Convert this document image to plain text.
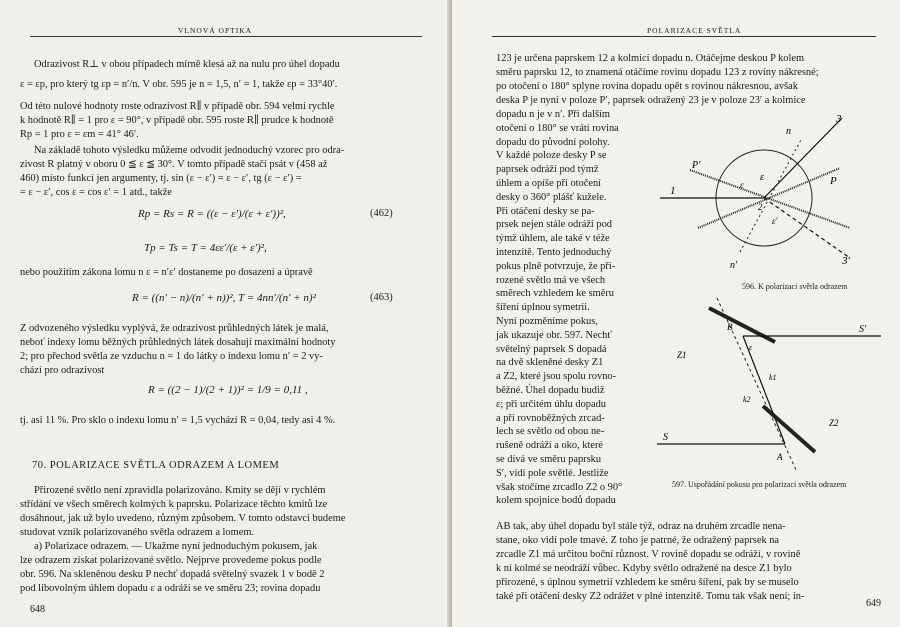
VLNOVÁ OPTIKA
Odrazivost R⊥ v obou případech mírně klesá až na nulu pro úhel dopadu
ε = εp, pro který tg εp = n′/n. V obr. 595 je n = 1,5, n′ = 1, takže εp = 33°40′.
Od této nulové hodnoty roste odrazivost R∥ v případě obr. 594 velmi rychle
k hodnotě R∥ = 1 pro ε = 90°, v případě obr. 595 roste R∥ prudce k hodnotě
Rp = 1 pro ε = εm = 41° 46′.
Na základě tohoto výsledku můžeme odvodit jednoduchý vzorec pro odra-
zivost R platný v oboru 0 ≦ ε ≦ 30°. V tomto případě stačí psát v (458 až
460) místo funkcí jen argumenty, tj. sin (ε − ε′) = ε − ε′, tg (ε − ε′) =
= ε − ε′, cos ε = cos ε′ = 1 atd., takže
Rp = Rs = R = ((ε − ε′)/(ε + ε′))²,	(462)
Tp = Ts = T = 4εε′/(ε + ε′)²,
nebo použitím zákona lomu n ε = n′ε′ dostaneme po dosazení a úpravě
R = ((n′ − n)/(n′ + n))², T = 4nn′/(n′ + n)²	(463)
Z odvozeného výsledku vyplývá, že odrazivost průhledných látek je malá,
neboť indexy lomu běžných průhledných látek dosahují maximální hodnoty
2; pro přechod světla ze vzduchu n = 1 do látky o indexu lomu n′ = 2 vy-
chází pro odrazivost
R = ((2 − 1)/(2 + 1))² = 1/9 = 0,11 ,
tj. asi 11 %. Pro sklo o indexu lomu n′ = 1,5 vychází R = 0,04, tedy asi 4 %.
70. POLARIZACE SVĚTLA ODRAZEM A LOMEM
Přirozené světlo není zpravidla polarizováno. Kmity se dějí v rychlém
střídání ve všech směrech kolmých k paprsku. Polarizace těchto kmitů lze
dosáhnout, jak už bylo uvedeno, různým způsobem. V tomto odstavci budeme
studovat vznik polarizovaného světla odrazem a lomem.
a) Polarizace odrazem. — Ukažme nyní jednoduchým pokusem, jak
lze odrazem získat polarizované světlo. Nejprve provedeme pokus podle
obr. 596. Na skleněnou desku P nechť dopadá světelný svazek 1 v bodě 2
pod libovolným úhlem dopadu ε a odráží se ve směru 23; rovina dopadu
648
POLARIZACE SVĚTLA
123 je určena paprskem 12 a kolmicí dopadu n. Otáčejme deskou P kolem
směru paprsku 12, to znamená otáčíme rovinu dopadu 123 z roviny nákresné;
po otočení o 180° splyne rovina dopadu opět s rovinou nákresnou, avšak
deska P je nyní v poloze P′, paprsek odražený 23 je v poloze 23′ a kolmice
dopadu n je v n′. Při dalším
otočení o 180° se vrátí rovina
dopadu do původní polohy.
V každé poloze desky P se
paprsek odráží pod týmž
úhlem a opíše při otočení
desky o 360° plášť kužele.
Při otáčení desky se pa-
prsek nejen stále odráží pod
týmž úhlem, ale také v téže
intenzitě. Tento jednoduchý
pokus plně potvrzuje, že při-
rozené světlo má ve všech
směrech vzhledem ke směru
šíření úplnou symetrii.
Nyní pozměníme pokus,
jak ukazuje obr. 597. Nechť
světelný paprsek S dopadá
na dvě skleněné desky Z1
a Z2, které jsou spolu rovno-
běžné. Úhel dopadu budiž
ε; při určitém úhlu dopadu
a při rovnoběžných zrcad-
lech se světlo od obou ne-
rušeně odráží a oko, které
se dívá ve směru paprsku
S′, vidí pole světlé. Jestliže
však stočíme zrcadlo Z2 o 90°
kolem spojnice bodů dopadu
AB tak, aby úhel dopadu byl stále týž, odraz na druhém zrcadle nena-
stane, oko vidí pole tmavé. Z toho je patrné, že odražený paprsek na
zrcadle Z1 má určitou boční různost. V rovině dopadu se odráží, v rovině
k ní kolmé se neodráží vůbec. Kdyby světlo odražené na desce Z1 bylo
přirozené, s úplnou symetrií vzhledem ke směru šíření, pak by se muselo
také při otáčení desky Z2 odrážet v plné intenzitě. Tomu tak však není; in-
1
2
3
3′
n
n′
P
P′
ε
ε
ε′
596. K polarizaci světla odrazem
S
S′
B
A
Z1
Z2
k1
k2
ε
597. Uspořádání pokusu pro polarizaci světla odrazem
649
